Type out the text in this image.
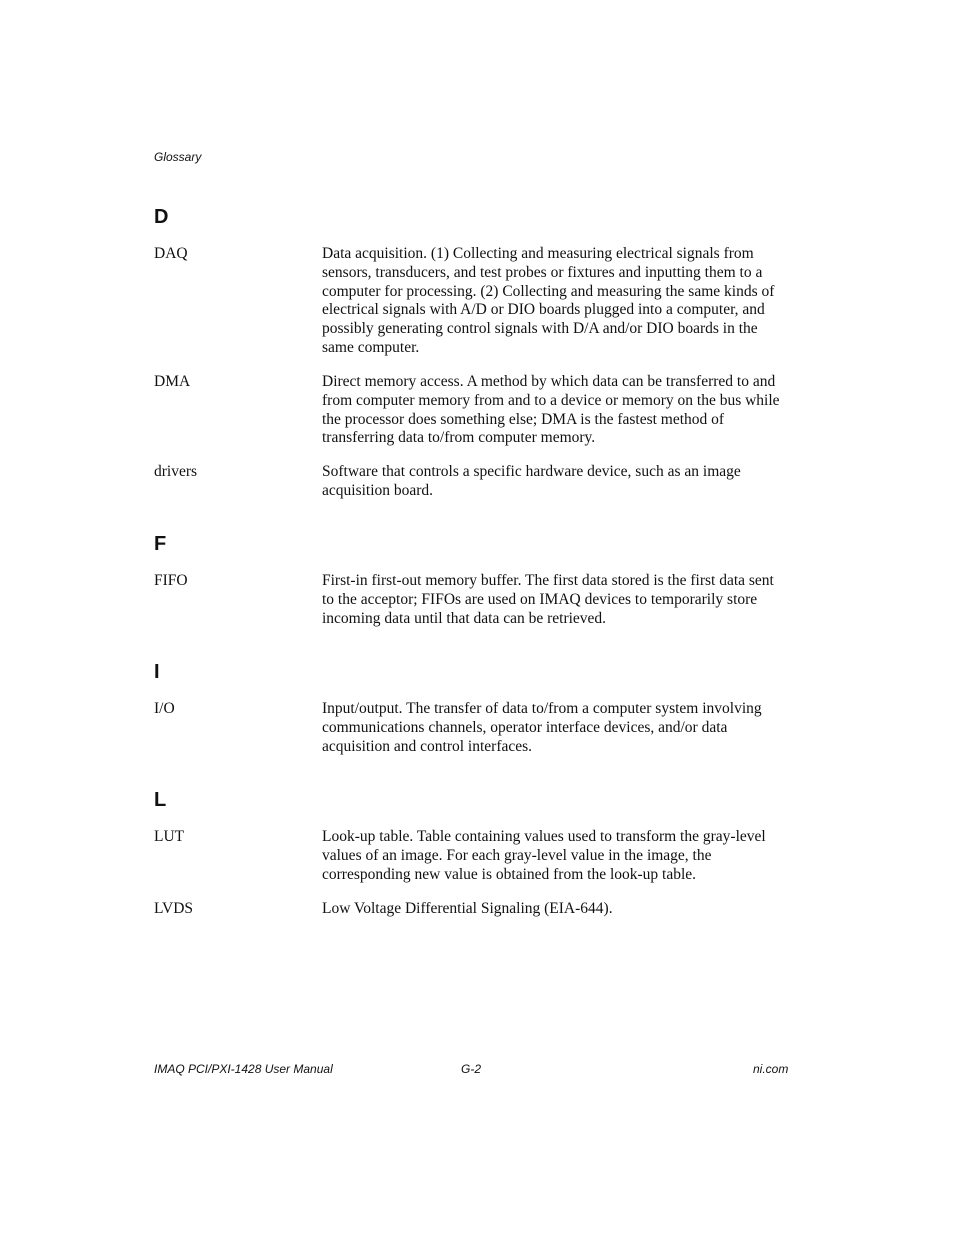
Glossary
D
DAQ	Data acquisition. (1) Collecting and measuring electrical signals from
sensors, transducers, and test probes or fixtures and inputting them to a
computer for processing. (2) Collecting and measuring the same kinds of
electrical signals with A/D or DIO boards plugged into a computer, and
possibly generating control signals with D/A and/or DIO boards in the
same computer.
DMA	Direct memory access. A method by which data can be transferred to and
from computer memory from and to a device or memory on the bus while
the processor does something else; DMA is the fastest method of
transferring data to/from computer memory.
drivers	Software that controls a specific hardware device, such as an image
acquisition board.
F
FIFO	First-in first-out memory buffer. The first data stored is the first data sent
to the acceptor; FIFOs are used on IMAQ devices to temporarily store
incoming data until that data can be retrieved.
I
I/O	Input/output. The transfer of data to/from a computer system involving
communications channels, operator interface devices, and/or data
acquisition and control interfaces.
L
LUT	Look-up table. Table containing values used to transform the gray-level
values of an image. For each gray-level value in the image, the
corresponding new value is obtained from the look-up table.
LVDS	Low Voltage Differential Signaling (EIA-644).
IMAQ PCI/PXI-1428 User Manual	G-2	ni.com
